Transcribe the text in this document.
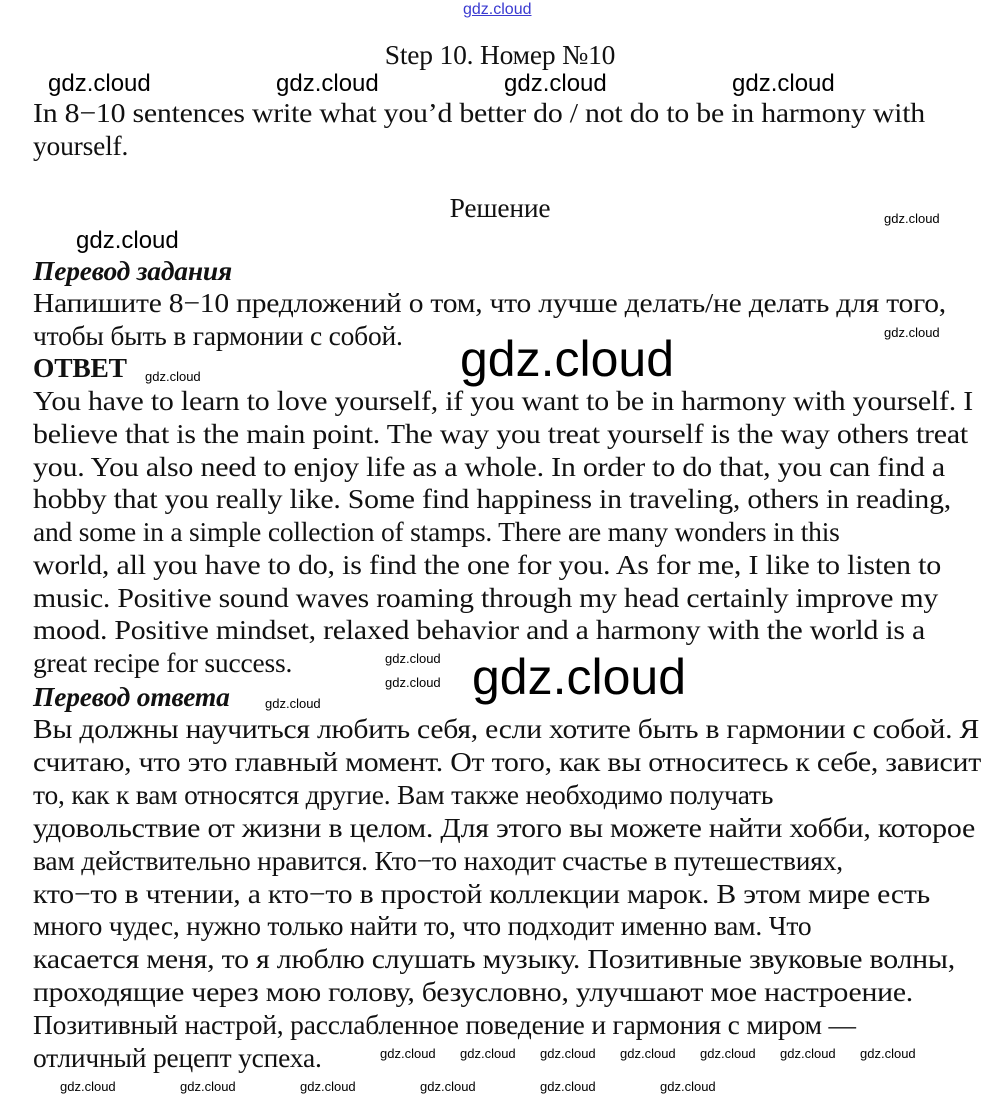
Step 10. Номер №10
In 8−10 sentences write what you’d better do / not do to be in harmony with
yourself.
Решение
Перевод задания
Напишите 8−10 предложений о том, что лучше делать/не делать для того,
чтобы быть в гармонии с собой.
ОТВЕТ
You have to learn to love yourself, if you want to be in harmony with yourself. I
believe that is the main point. The way you treat yourself is the way others treat
you. You also need to enjoy life as a whole. In order to do that, you can find a
hobby that you really like. Some find happiness in traveling, others in reading,
and some in a simple collection of stamps. There are many wonders in this
world, all you have to do, is find the one for you. As for me, I like to listen to
music. Positive sound waves roaming through my head certainly improve my
mood. Positive mindset, relaxed behavior and a harmony with the world is a
great recipe for success.
Перевод ответа
Вы должны научиться любить себя, если хотите быть в гармонии с собой. Я
считаю, что это главный момент. От того, как вы относитесь к себе, зависит
то, как к вам относятся другие. Вам также необходимо получать
удовольствие от жизни в целом. Для этого вы можете найти хобби, которое
вам действительно нравится. Кто−то находит счастье в путешествиях,
кто−то в чтении, а кто−то в простой коллекции марок. В этом мире есть
много чудес, нужно только найти то, что подходит именно вам. Что
касается меня, то я люблю слушать музыку. Позитивные звуковые волны,
проходящие через мою голову, безусловно, улучшают мое настроение.
Позитивный настрой, расслабленное поведение и гармония с миром —
отличный рецепт успеха.
gdz.cloud
gdz.cloud	gdz.cloud	gdz.cloud	gdz.cloud
gdz.cloud
gdz.cloud
gdz.cloud
gdz.cloud
gdz.cloud
gdz.cloud
gdz.cloud gdz.cloud
gdz.cloud
gdz.cloud gdz.cloud gdz.cloud gdz.cloud gdz.cloud gdz.cloud gdz.cloud
gdz.cloud	gdz.cloud	gdz.cloud	gdz.cloud	gdz.cloud	gdz.cloud
